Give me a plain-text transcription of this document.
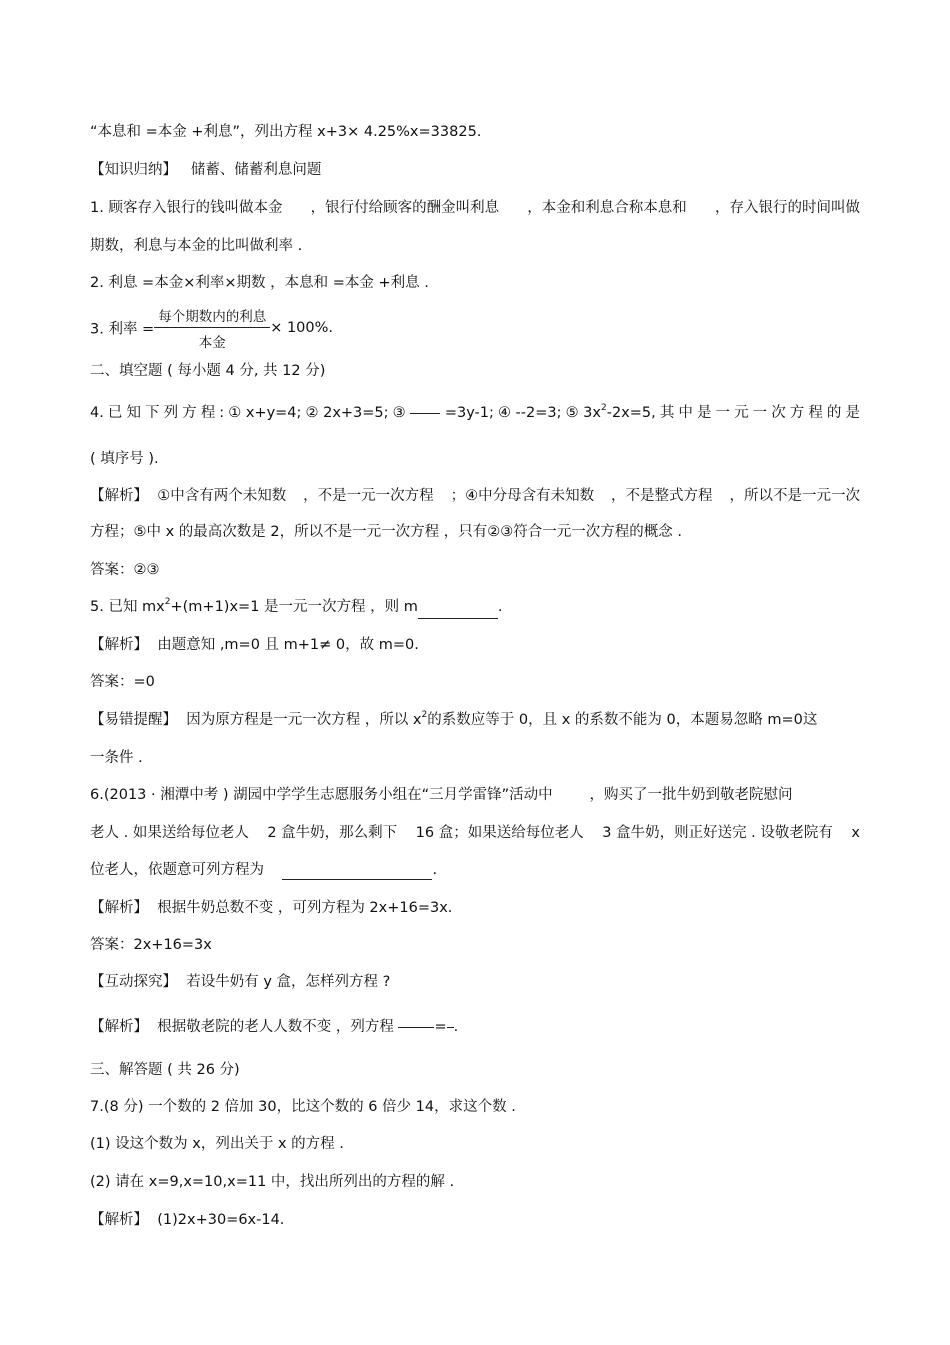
“本息和 =本金 +利息”，列出方程 x+3× 4.25%x=33825.
【知识归纳】 储蓄、储蓄利息问题
1. 顾客存入银行的钱叫做本金 ，银行付给顾客的酬金叫利息 ，本金和利息合称本息和 ，存入银行的时间叫做
期数，利息与本金的比叫做利率 .
2. 利息 =本金×利率×期数 ，本息和 =本金 +利息 .
3. 利率 = $\frac{\text{每个期数内的利息}}{\text{本金}} \times 100\%$.
二、填空题 ( 每小题 4 分, 共 12 分)
4. 已 知 下 列 方 程 : ① x+y=4; ② 2x+3=5; ③	=3y-1; ④ --2=3; ⑤ $3x^2-2x=5$, 其 中 是 一 元 一 次 方 程 的 是
( 填序号 ).
【解析】 ①中含有两个未知数 ，不是一元一次方程 ；④中分母含有未知数 ，不是整式方程 ，所以不是一元一次
方程；⑤中 x 的最高次数是 2，所以不是一元一次方程 ，只有②③符合一元一次方程的概念 .
答案：②③
5. 已知 $mx^2+(m+1)x=1$ 是一元一次方程 ，则 m	.
【解析】 由题意知 ,m=0 且 m+1≠ 0，故 m=0.
答案：=0
【易错提醒】 因为原方程是一元一次方程 ，所以 $x^2$的系数应等于 0，且 x 的系数不能为 0，本题易忽略 m=0这
一条件 .
6.(2013 · 湘潭中考 ) 湖园中学学生志愿服务小组在“三月学雷锋”活动中	，购买了一批牛奶到敬老院慰问
老人 . 如果送给每位老人 2 盒牛奶，那么剩下 16 盒；如果送给每位老人 3 盒牛奶，则正好送完 . 设敬老院有 x
位老人，依题意可列方程为	.
【解析】 根据牛奶总数不变 ，可列方程为 2x+16=3x.
答案：2x+16=3x
【互动探究】 若设牛奶有 y 盒，怎样列方程 ?
【解析】 根据敬老院的老人人数不变 ，列方程	= .
三、解答题 ( 共 26 分)
7.(8 分) 一个数的 2 倍加 30，比这个数的 6 倍少 14，求这个数 .
(1) 设这个数为 x，列出关于 x 的方程 .
(2) 请在 x=9,x=10,x=11 中，找出所列出的方程的解 .
【解析】 (1)2x+30=6x-14.
